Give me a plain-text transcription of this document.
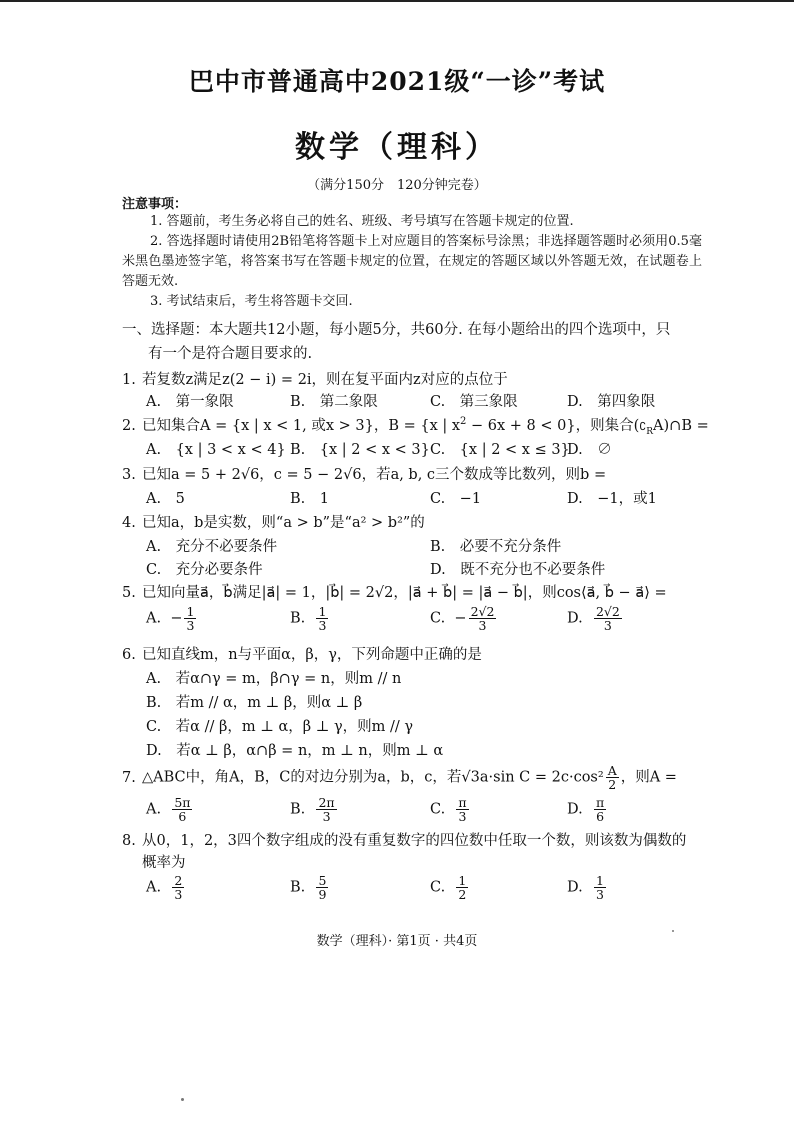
巴中市普通高中2021级“一诊”考试
数学（理科）
（满分150分　120分钟完卷）
注意事项：
1. 答题前，考生务必将自己的姓名、班级、考号填写在答题卡规定的位置.
2. 答选择题时请使用2B铅笔将答题卡上对应题目的答案标号涂黑；非选择题答题时必须用0.5毫米黑色墨迹签字笔，将答案书写在答题卡规定的位置，在规定的答题区域以外答题无效，在试题卷上答题无效.
3. 考试结束后，考生将答题卡交回.
一、选择题：本大题共12小题，每小题5分，共60分. 在每小题给出的四个选项中，只
有一个是符合题目要求的.
1. 若复数z满足z(2 − i) = 2i，则在复平面内z对应的点位于
A.　第一象限	B.　第二象限	C.　第三象限	D.　第四象限
2. 已知集合A = {x | x < 1, 或x > 3}，B = {x | $x^2 - 6x + 8 < 0$}，则集合$(∁_RA)\cap B$ =
A.　{x | 3 < x < 4} B.　{x | 2 < x < 3} C.　{x | 2 < x ≤ 3}
D.　∅
3. 已知a = 5 + 2√6，c = 5 − 2√6，若a, b, c三个数成等比数列，则b =
A.　5	B.　1	C.　−1	D.　−1，或1
4. 已知a，b是实数，则“a > b”是“a² > b²”的
A.　充分不必要条件	B.　必要不充分条件
C.　充分必要条件	D.　既不充分也不必要条件
5. 已知向量a⃗，b⃗满足|a⃗| = 1，|b⃗| = 2√2，|a⃗ + b⃗| = |a⃗ − b⃗|，则cos⟨a⃗, b⃗ − a⃗⟩ =
A. − $\frac{1}{3}$	B. $\frac{1}{3}$	C. − $\frac{2√2}{3}$	D. $\frac{2√2}{3}$
6. 已知直线m，n与平面α，β，γ，下列命题中正确的是
A.　若α∩γ = m，β∩γ = n，则m // n
B.　若m // α，m ⊥ β，则α ⊥ β
C.　若α // β，m ⊥ α，β ⊥ γ，则m // γ
D.　若α ⊥ β，α∩β = n，m ⊥ n，则m ⊥ α
7. △ABC中，角A，B，C的对边分别为a，b，c，若√3a·sin $C = 2c\cdot\cos^2 \frac{A}{2}$ ，则A =
A. $\frac{5\pi}{6}$	B. $\frac{2\pi}{3}$	C. $\frac{\pi}{3}$	D. $\frac{\pi}{6}$
8. 从0，1，2，3四个数字组成的没有重复数字的四位数中任取一个数，则该数为偶数的
概率为
A. $\frac{2}{3}$	B. $\frac{5}{9}$	C. $\frac{1}{2}$	D. $\frac{1}{3}$
数学（理科）· 第1页 · 共4页
